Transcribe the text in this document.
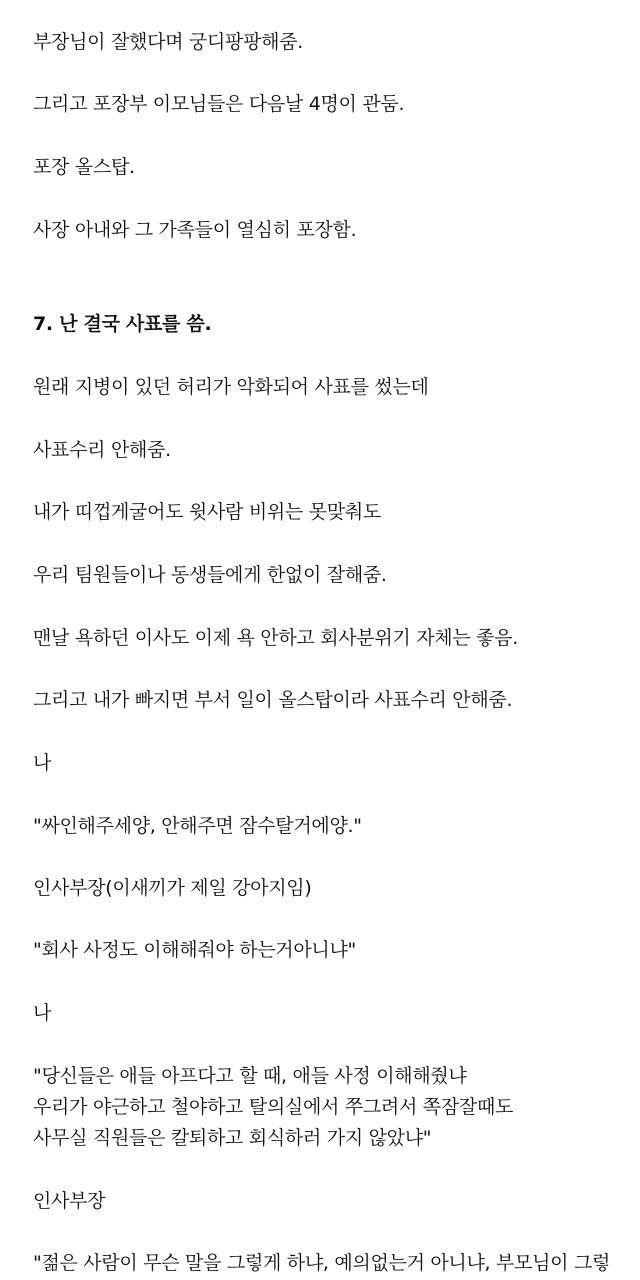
부장님이 잘했다며 궁디팡팡해줌.
그리고 포장부 이모님들은 다음날 4명이 관둠.
포장 올스탑.
사장 아내와 그 가족들이 열심히 포장함.
7. 난 결국 사표를 씀.
원래 지병이 있던 허리가 악화되어 사표를 썼는데
사표수리 안해줌.
내가 띠껍게굴어도 윗사람 비위는 못맞춰도
우리 팀원들이나 동생들에게 한없이 잘해줌.
맨날 욕하던 이사도 이제 욕 안하고 회사분위기 자체는 좋음.
그리고 내가 빠지면 부서 일이 올스탑이라 사표수리 안해줌.
나
"싸인해주세양, 안해주면 잠수탈거에양."
인사부장(이새끼가 제일 강아지임)
"회사 사정도 이해해줘야 하는거아니냐"
나
"당신들은 애들 아프다고 할 때, 애들 사정 이해해줬냐
우리가 야근하고 철야하고 탈의실에서 쭈그려서 쪽잠잘때도
사무실 직원들은 칼퇴하고 회식하러 가지 않았냐"
인사부장
"젊은 사람이 무슨 말을 그렇게 하냐, 예의없는거 아니냐, 부모님이 그렇
